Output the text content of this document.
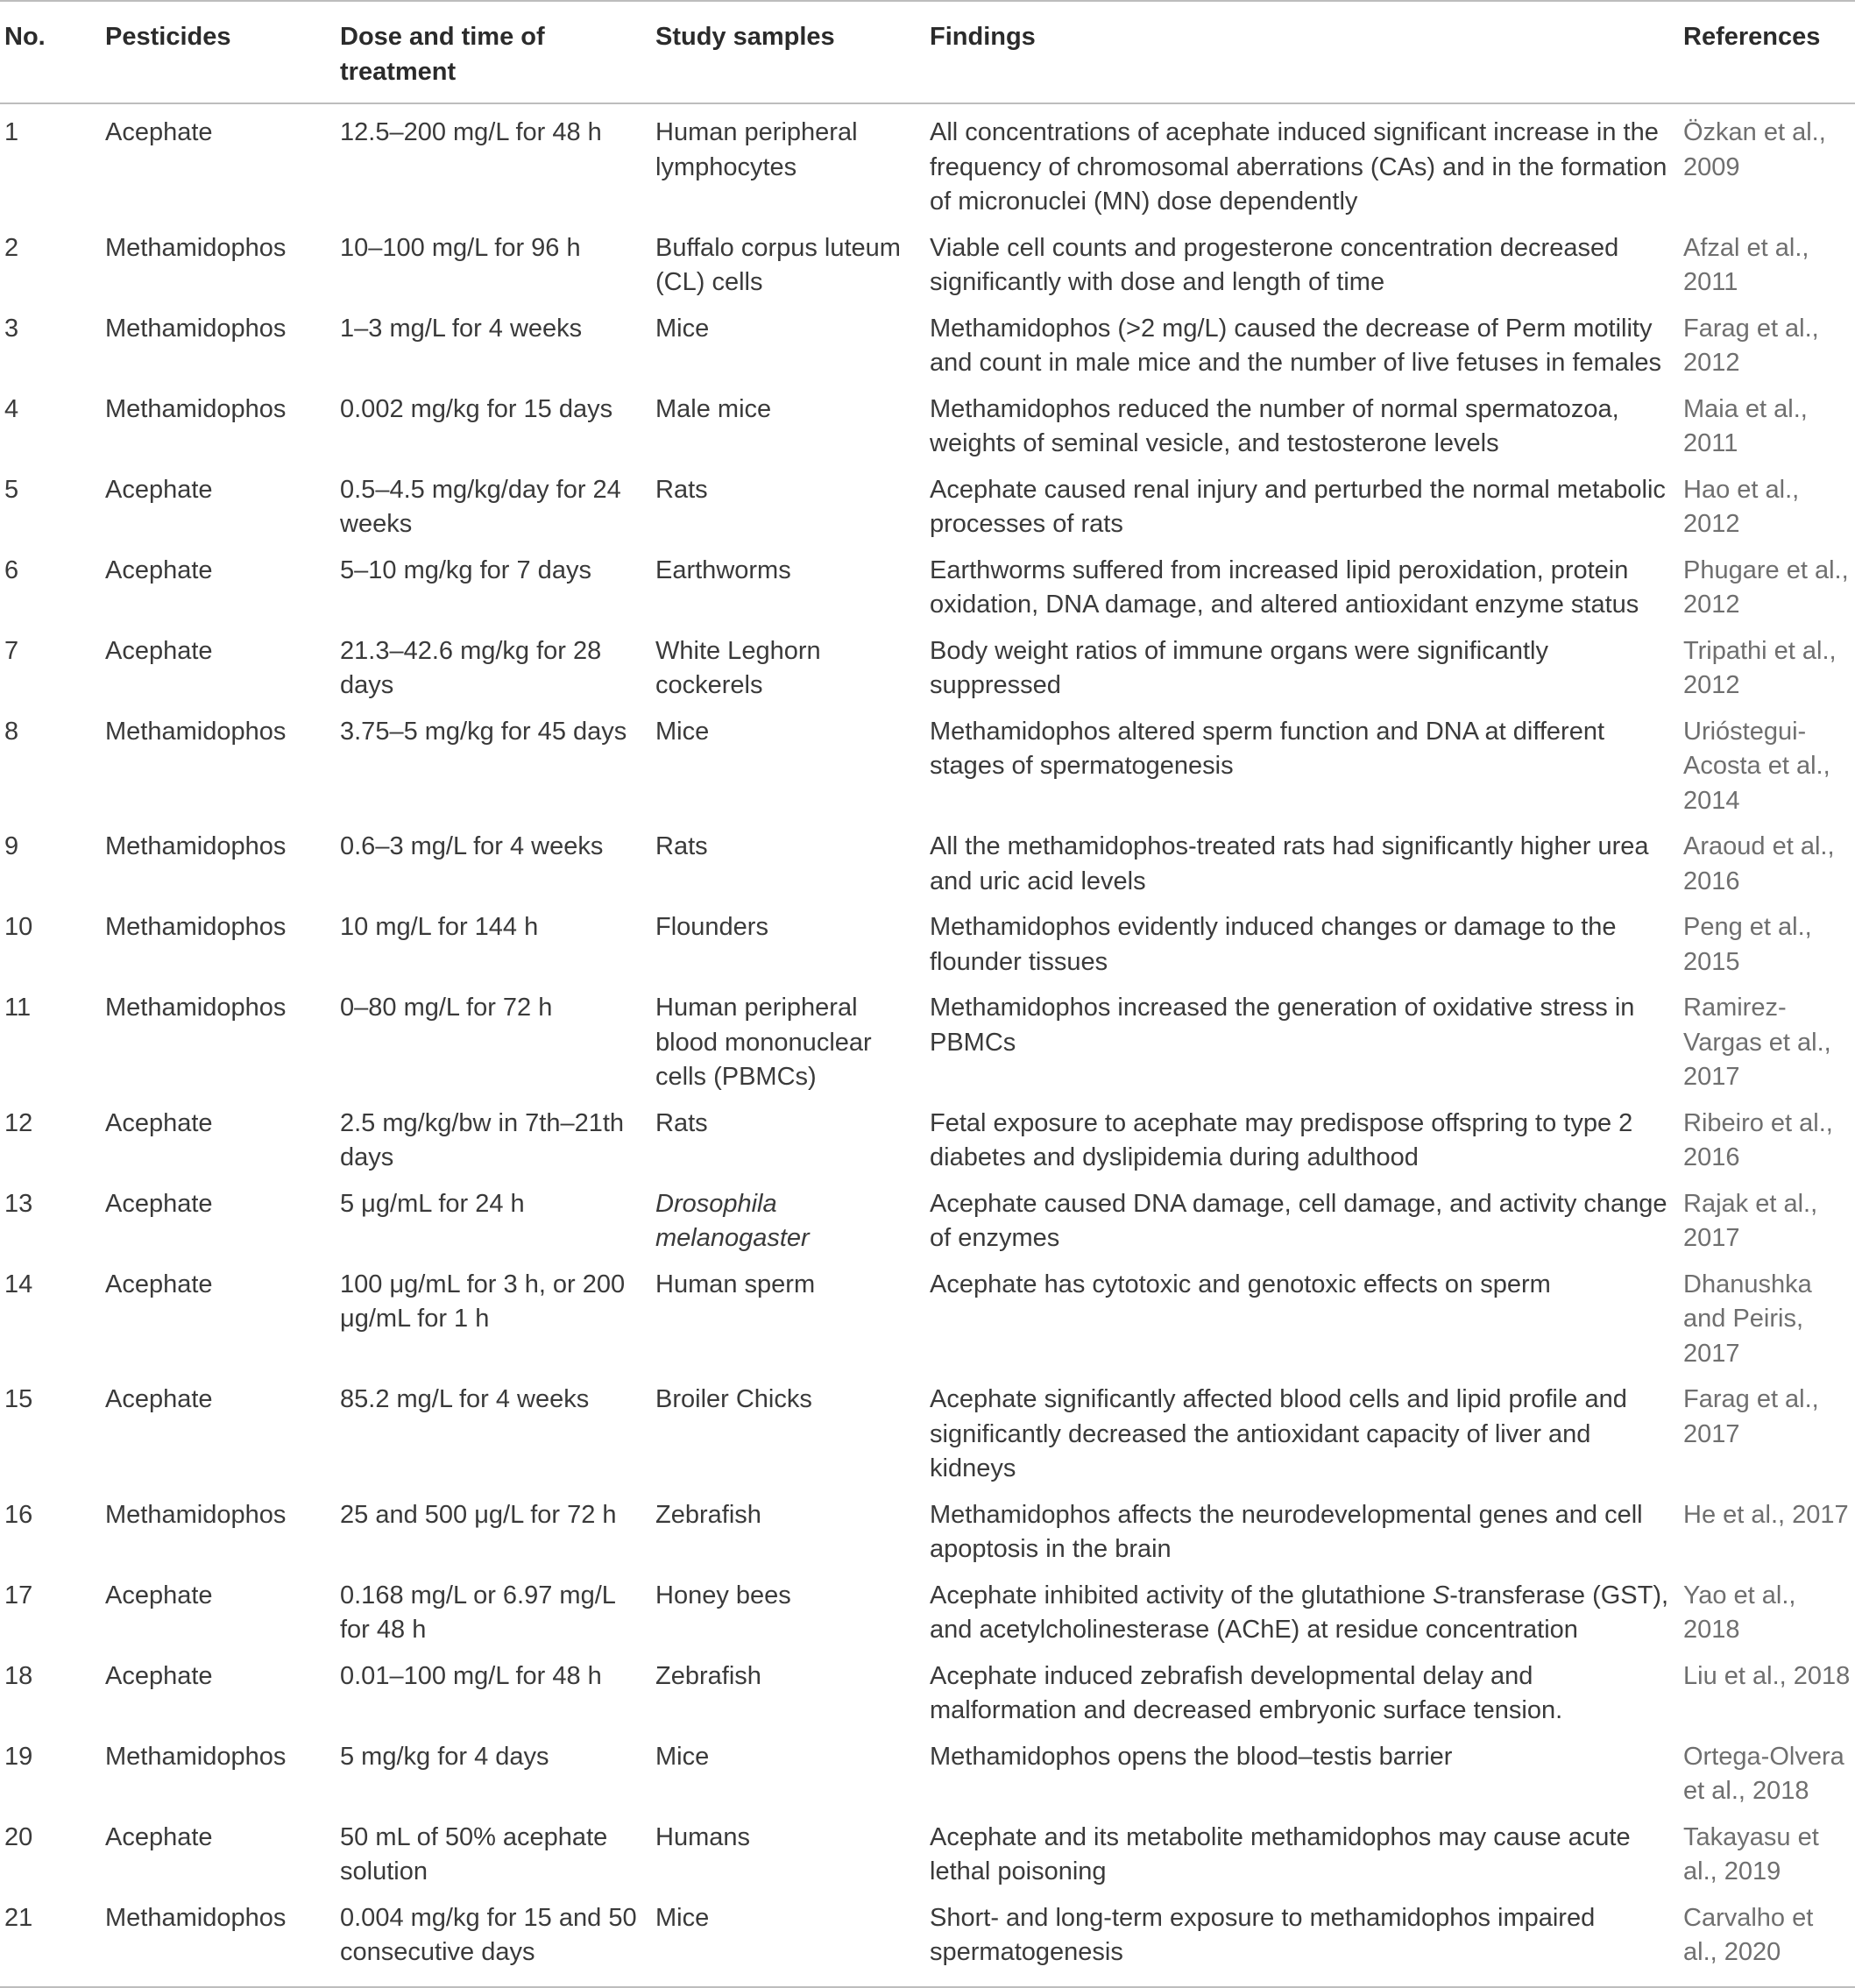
No.	Pesticides	Dose and time of treatment	Study samples	Findings	References
1	Acephate	12.5–200 mg/L for 48 h	Human peripheral lymphocytes	All concentrations of acephate induced significant increase in the frequency of chromosomal aberrations (CAs) and in the formation of micronuclei (MN) dose dependently	Özkan et al., 2009
2	Methamidophos	10–100 mg/L for 96 h	Buffalo corpus luteum (CL) cells	Viable cell counts and progesterone concentration decreased significantly with dose and length of time	Afzal et al., 2011
3	Methamidophos	1–3 mg/L for 4 weeks	Mice	Methamidophos (>2 mg/L) caused the decrease of Perm motility and count in male mice and the number of live fetuses in females	Farag et al., 2012
4	Methamidophos	0.002 mg/kg for 15 days	Male mice	Methamidophos reduced the number of normal spermatozoa, weights of seminal vesicle, and testosterone levels	Maia et al., 2011
5	Acephate	0.5–4.5 mg/kg/day for 24 weeks	Rats	Acephate caused renal injury and perturbed the normal metabolic processes of rats	Hao et al., 2012
6	Acephate	5–10 mg/kg for 7 days	Earthworms	Earthworms suffered from increased lipid peroxidation, protein oxidation, DNA damage, and altered antioxidant enzyme status	Phugare et al., 2012
7	Acephate	21.3–42.6 mg/kg for 28 days	White Leghorn cockerels	Body weight ratios of immune organs were significantly suppressed	Tripathi et al., 2012
8	Methamidophos	3.75–5 mg/kg for 45 days	Mice	Methamidophos altered sperm function and DNA at different stages of spermatogenesis	Urióstegui-Acosta et al., 2014
9	Methamidophos	0.6–3 mg/L for 4 weeks	Rats	All the methamidophos-treated rats had significantly higher urea and uric acid levels	Araoud et al., 2016
10	Methamidophos	10 mg/L for 144 h	Flounders	Methamidophos evidently induced changes or damage to the flounder tissues	Peng et al., 2015
11	Methamidophos	0–80 mg/L for 72 h	Human peripheral blood mononuclear cells (PBMCs)	Methamidophos increased the generation of oxidative stress in PBMCs	Ramirez-Vargas et al., 2017
12	Acephate	2.5 mg/kg/bw in 7th–21th days	Rats	Fetal exposure to acephate may predispose offspring to type 2 diabetes and dyslipidemia during adulthood	Ribeiro et al., 2016
13	Acephate	5 μg/mL for 24 h	Drosophila melanogaster	Acephate caused DNA damage, cell damage, and activity change of enzymes	Rajak et al., 2017
14	Acephate	100 μg/mL for 3 h, or 200 μg/mL for 1 h	Human sperm	Acephate has cytotoxic and genotoxic effects on sperm	Dhanushka and Peiris, 2017
15	Acephate	85.2 mg/L for 4 weeks	Broiler Chicks	Acephate significantly affected blood cells and lipid profile and significantly decreased the antioxidant capacity of liver and kidneys	Farag et al., 2017
16	Methamidophos	25 and 500 μg/L for 72 h	Zebrafish	Methamidophos affects the neurodevelopmental genes and cell apoptosis in the brain	He et al., 2017
17	Acephate	0.168 mg/L or 6.97 mg/L for 48 h	Honey bees	Acephate inhibited activity of the glutathione S-transferase (GST), and acetylcholinesterase (AChE) at residue concentration	Yao et al., 2018
18	Acephate	0.01–100 mg/L for 48 h	Zebrafish	Acephate induced zebrafish developmental delay and malformation and decreased embryonic surface tension.	Liu et al., 2018
19	Methamidophos	5 mg/kg for 4 days	Mice	Methamidophos opens the blood–testis barrier	Ortega-Olvera et al., 2018
20	Acephate	50 mL of 50% acephate solution	Humans	Acephate and its metabolite methamidophos may cause acute lethal poisoning	Takayasu et al., 2019
21	Methamidophos	0.004 mg/kg for 15 and 50 consecutive days	Mice	Short- and long-term exposure to methamidophos impaired spermatogenesis	Carvalho et al., 2020
